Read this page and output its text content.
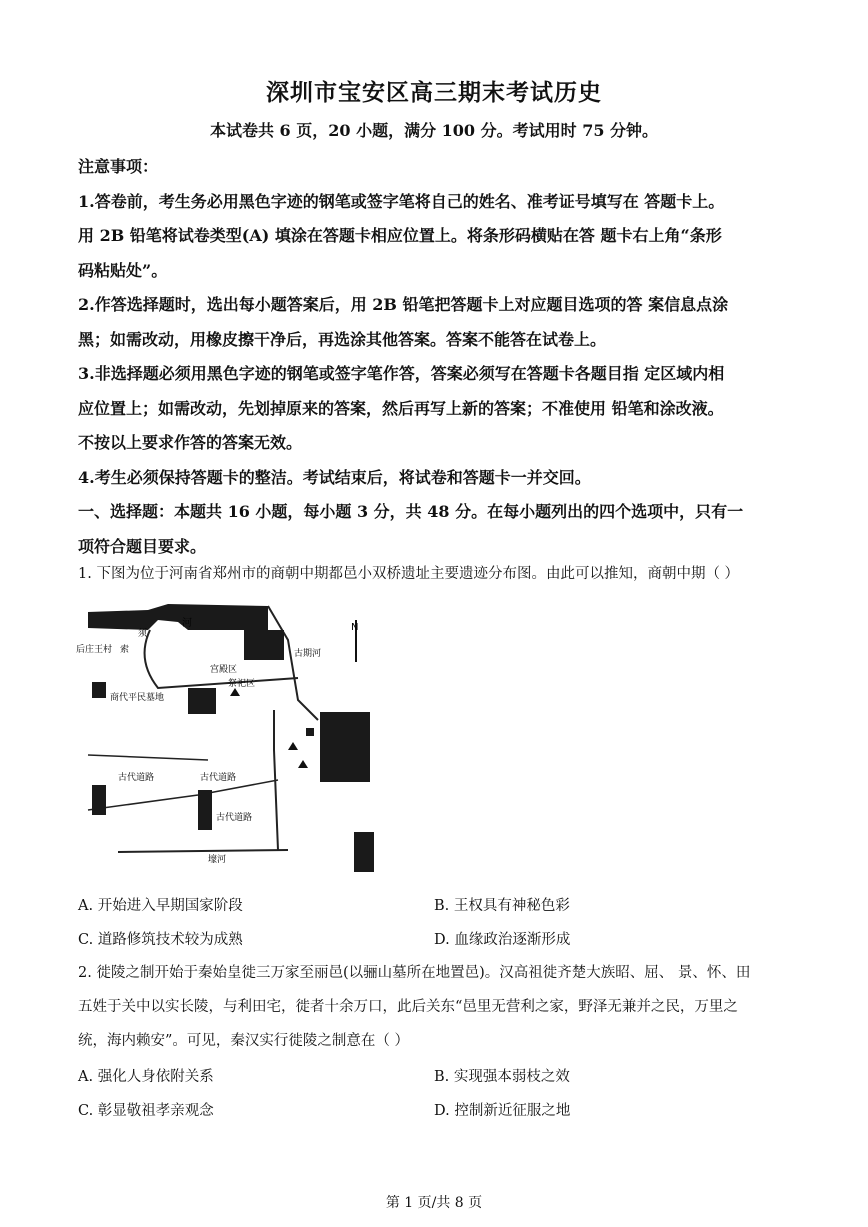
深圳市宝安区高三期末考试历史
本试卷共 6 页，20 小题，满分 100 分。考试用时 75 分钟。

注意事项：

1.答卷前，考生务必用黑色字迹的钢笔或签字笔将自己的姓名、准考证号填写在 答题卡上。

用 2B 铅笔将试卷类型(A) 填涂在答题卡相应位置上。将条形码横贴在答 题卡右上角“条形

码粘贴处”。

2.作答选择题时，选出每小题答案后，用 2B 铅笔把答题卡上对应题目选项的答 案信息点涂

黑；如需改动，用橡皮擦干净后，再选涂其他答案。答案不能答在试卷上。

3.非选择题必须用黑色字迹的钢笔或签字笔作答，答案必须写在答题卡各题目指 定区域内相

应位置上；如需改动，先划掉原来的答案，然后再写上新的答案；不准使用 铅笔和涂改液。

不按以上要求作答的答案无效。

4.考生必须保持答题卡的整洁。考试结束后，将试卷和答题卡一并交回。

一、选择题：本题共 16 小题，每小题 3 分，共 48 分。在每小题列出的四个选项中，只有一

项符合题目要求。

1. 下图为位于河南省郑州市的商朝中期都邑小双桥遗址主要遗迹分布图。由此可以推知，商朝中期（ ）

N
河
后庄王村 索
须
宫殿区
古期河
祭祀区
商代平民墓地
古代道路	古代道路
古代道路
壕河
A. 开始进入早期国家阶段	B. 王权具有神秘色彩
C. 道路修筑技术较为成熟	D. 血缘政治逐渐形成

2. 徙陵之制开始于秦始皇徙三万家至丽邑(以骊山墓所在地置邑)。汉高祖徙齐楚大族昭、屈、 景、怀、田

五姓于关中以实长陵，与利田宅，徙者十余万口，此后关东“邑里无营利之家，野泽无兼并之民，万里之

统，海内赖安”。可见，秦汉实行徙陵之制意在（ ）

A. 强化人身依附关系	B. 实现强本弱枝之效
C. 彰显敬祖孝亲观念	D. 控制新近征服之地
第 1 页/共 8 页
